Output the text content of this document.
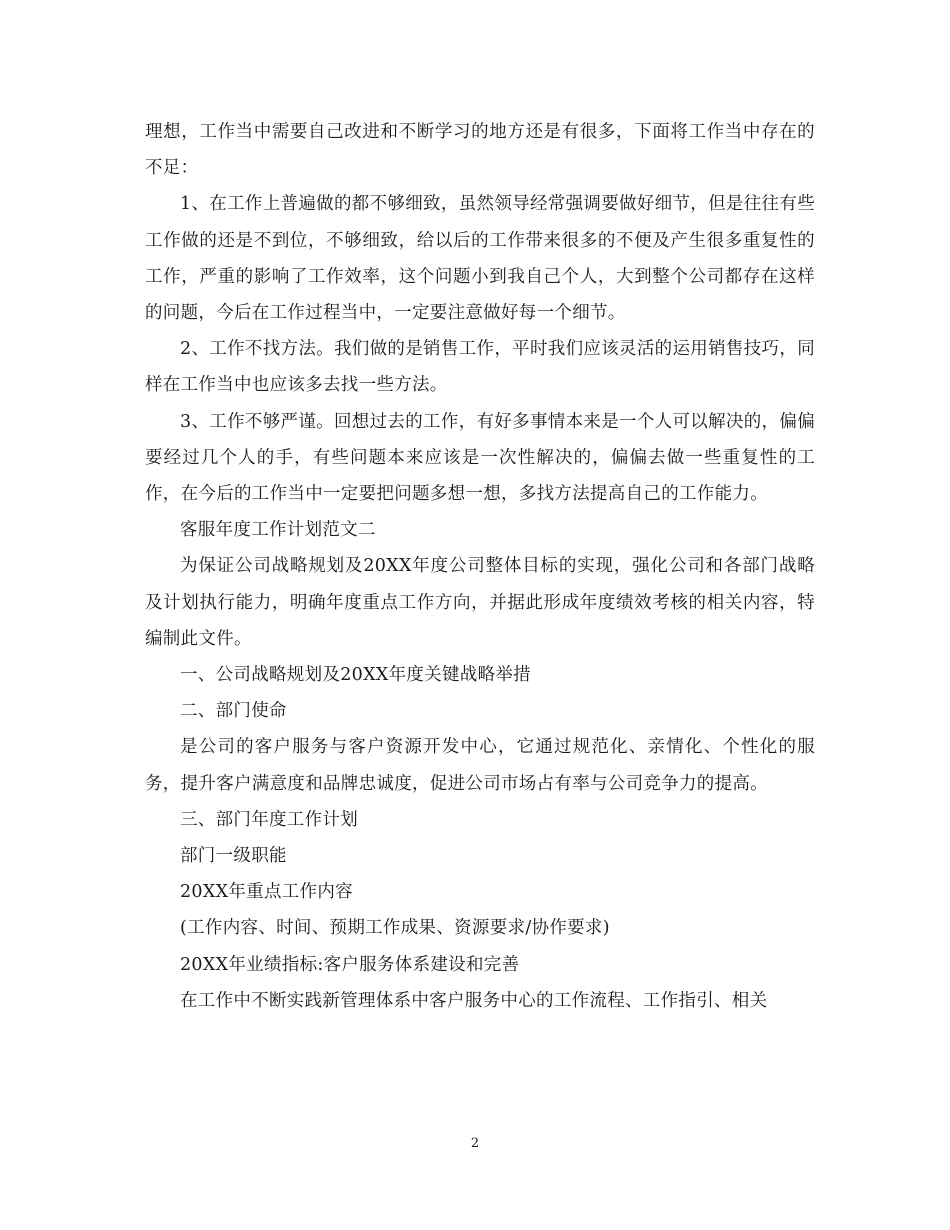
理想，工作当中需要自己改进和不断学习的地方还是有很多，下面将工作当中存在的不足：

1、在工作上普遍做的都不够细致，虽然领导经常强调要做好细节，但是往往有些工作做的还是不到位，不够细致，给以后的工作带来很多的不便及产生很多重复性的工作，严重的影响了工作效率，这个问题小到我自己个人，大到整个公司都存在这样的问题，今后在工作过程当中，一定要注意做好每一个细节。

2、工作不找方法。我们做的是销售工作，平时我们应该灵活的运用销售技巧，同样在工作当中也应该多去找一些方法。

3、工作不够严谨。回想过去的工作，有好多事情本来是一个人可以解决的，偏偏要经过几个人的手，有些问题本来应该是一次性解决的，偏偏去做一些重复性的工作，在今后的工作当中一定要把问题多想一想，多找方法提高自己的工作能力。

客服年度工作计划范文二

为保证公司战略规划及20XX年度公司整体目标的实现，强化公司和各部门战略及计划执行能力，明确年度重点工作方向，并据此形成年度绩效考核的相关内容，特编制此文件。

一、公司战略规划及20XX年度关键战略举措

二、部门使命

是公司的客户服务与客户资源开发中心，它通过规范化、亲情化、个性化的服务，提升客户满意度和品牌忠诚度，促进公司市场占有率与公司竞争力的提高。

三、部门年度工作计划

部门一级职能

20XX年重点工作内容

(工作内容、时间、预期工作成果、资源要求/协作要求)

20XX年业绩指标:客户服务体系建设和完善

在工作中不断实践新管理体系中客户服务中心的工作流程、工作指引、相关

2
